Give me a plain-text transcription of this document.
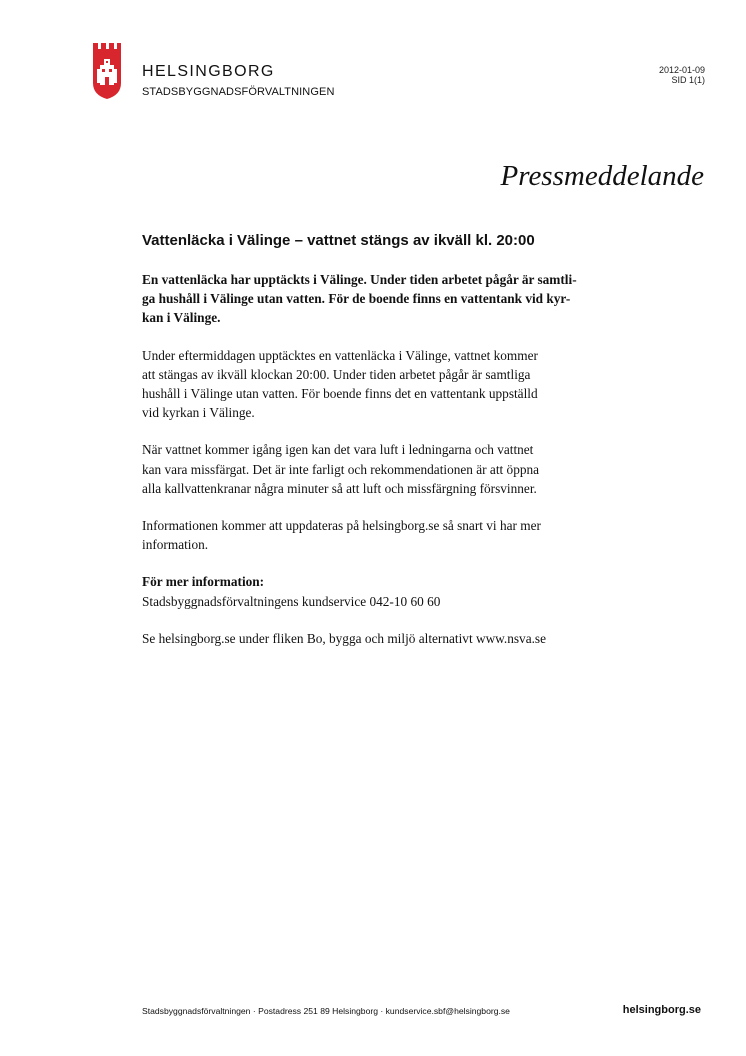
HELSINGBORG
STADSBYGGNADSFÖRVALTNINGEN
2012-01-09
SID 1(1)
Pressmeddelande
Vattenläcka i Välinge – vattnet stängs av ikväll kl. 20:00

En vattenläcka har upptäckts i Välinge. Under tiden arbetet pågår är samtli-
ga hushåll i Välinge utan vatten. För de boende finns en vattentank vid kyr-
kan i Välinge.

Under eftermiddagen upptäcktes en vattenläcka i Välinge, vattnet kommer
att stängas av ikväll klockan 20:00. Under tiden arbetet pågår är samtliga
hushåll i Välinge utan vatten. För boende finns det en vattentank uppställd
vid kyrkan i Välinge.

När vattnet kommer igång igen kan det vara luft i ledningarna och vattnet
kan vara missfärgat. Det är inte farligt och rekommendationen är att öppna
alla kallvattenkranar några minuter så att luft och missfärgning försvinner.

Informationen kommer att uppdateras på helsingborg.se så snart vi har mer
information.

För mer information:
Stadsbyggnadsförvaltningens kundservice 042-10 60 60

Se helsingborg.se under fliken Bo, bygga och miljö alternativt www.nsva.se

Stadsbyggnadsförvaltningen · Postadress 251 89 Helsingborg · kundservice.sbf@helsingborg.se	helsingborg.se
